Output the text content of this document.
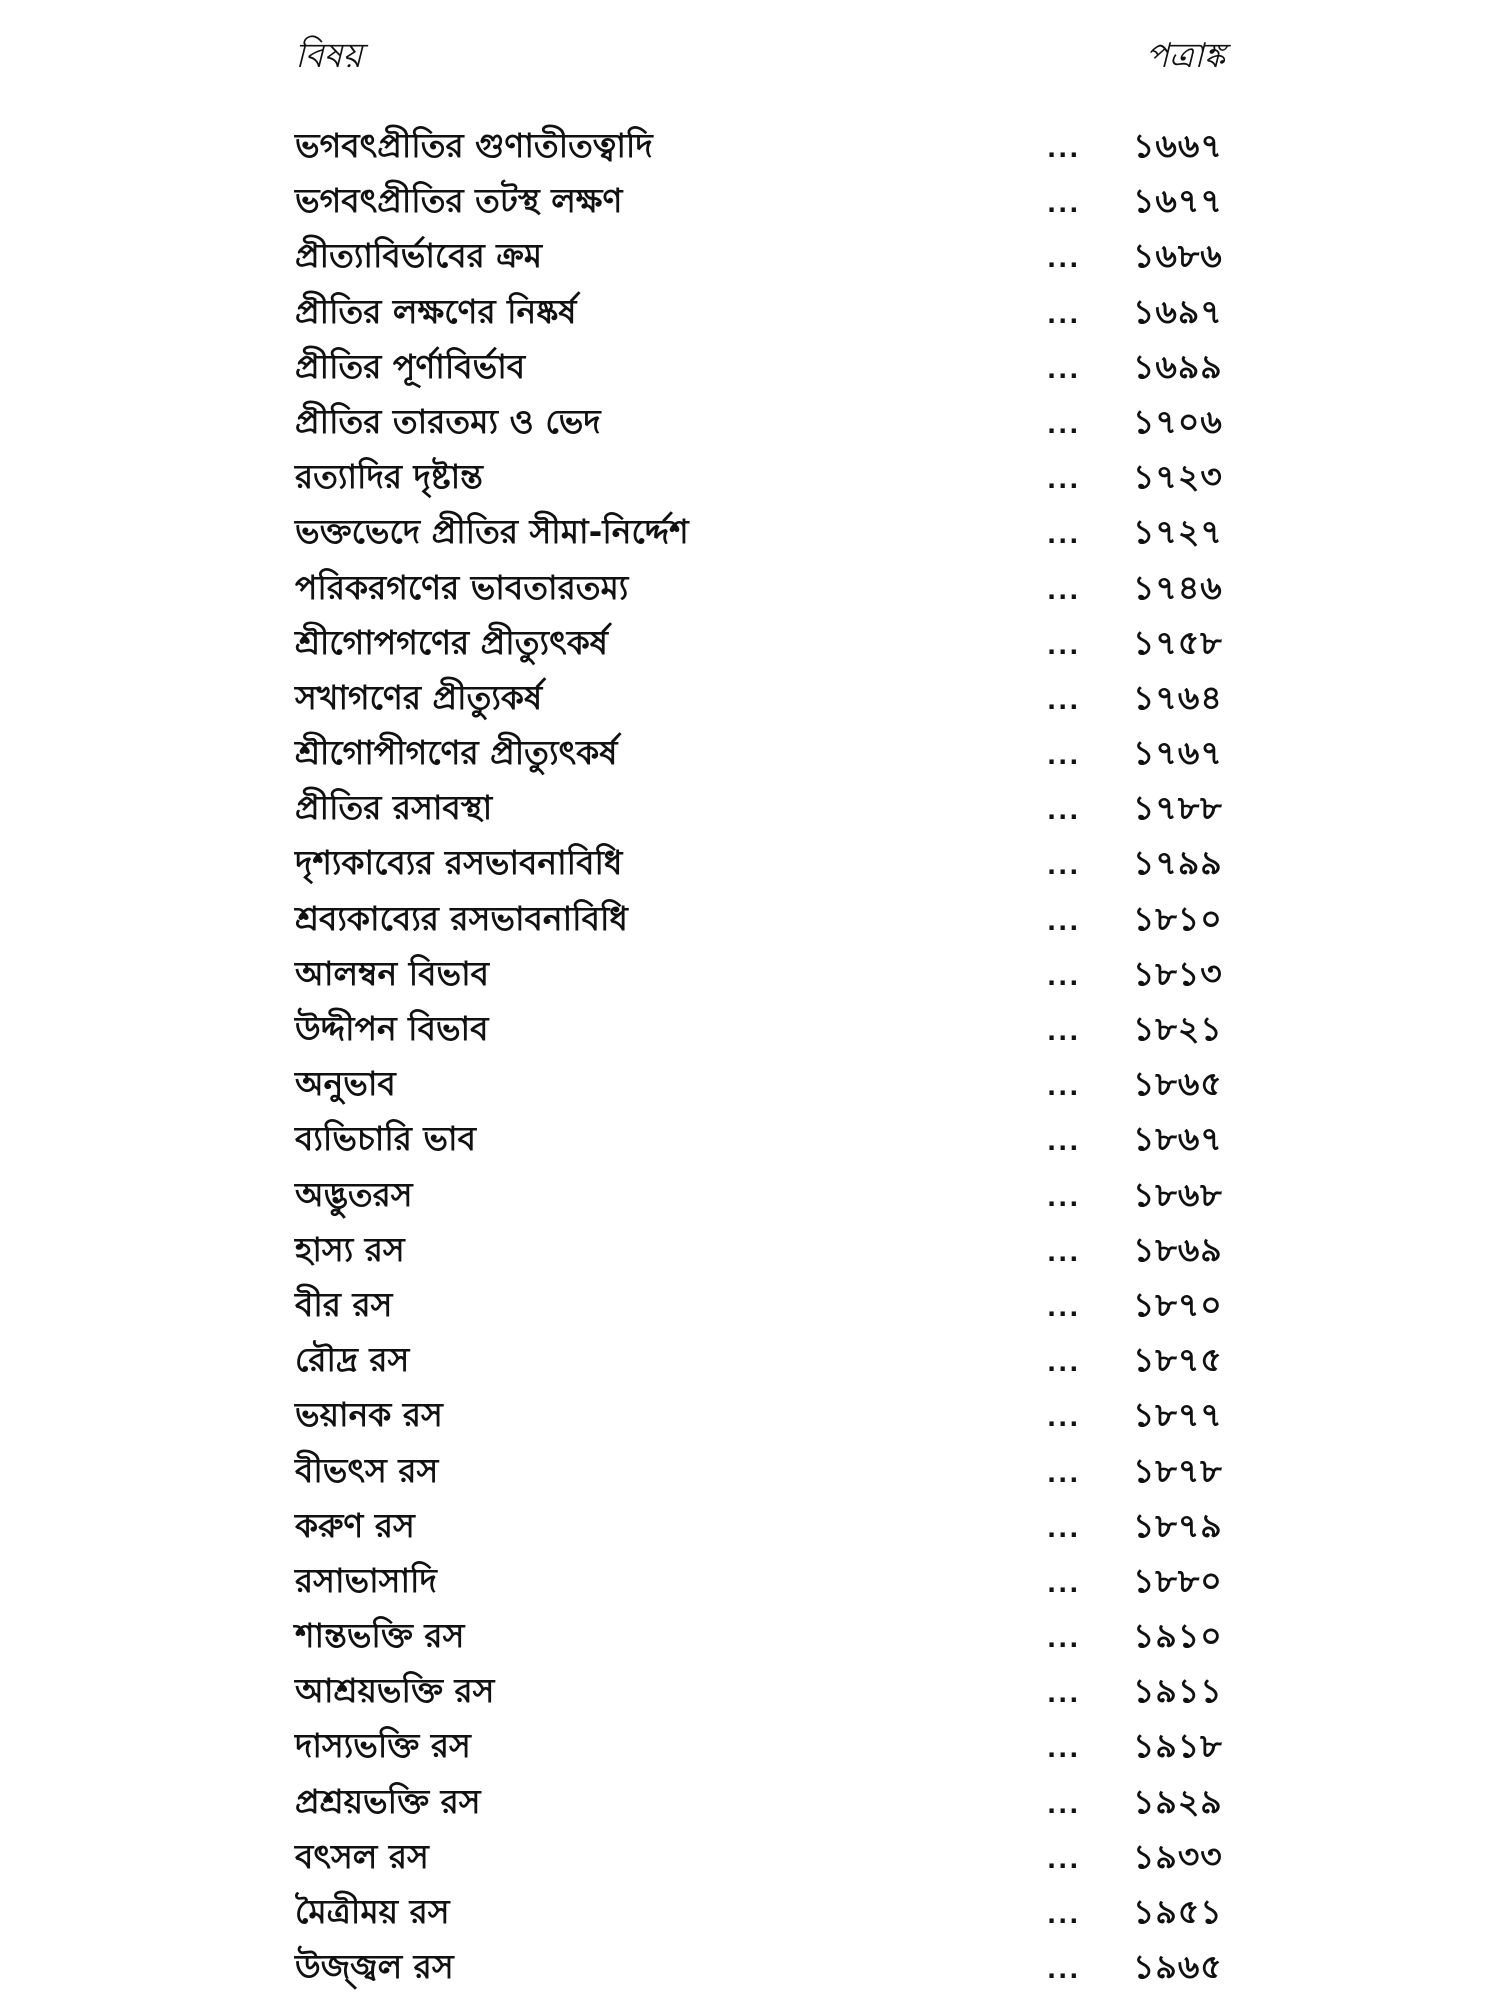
বিষয়	পত্রাঙ্ক
ভগবৎপ্রীতির গুণাতীতত্বাদি	... ১৬৬৭
ভগবৎপ্রীতির তটস্থ লক্ষণ	... ১৬৭৭
প্রীত্যাবির্ভাবের ক্রম	... ১৬৮৬
প্রীতির লক্ষণের নিষ্কর্ষ	... ১৬৯৭
প্রীতির পূর্ণাবির্ভাব	... ১৬৯৯
প্রীতির তারতম্য ও ভেদ	... ১৭০৬
রত্যাদির দৃষ্টান্ত	... ১৭২৩
ভক্তভেদে প্রীতির সীমা-নির্দ্দেশ	... ১৭২৭
পরিকরগণের ভাবতারতম্য	... ১৭৪৬
শ্রীগোপগণের প্রীত্যুৎকর্ষ	... ১৭৫৮
সখাগণের প্রীত্যুকর্ষ	... ১৭৬৪
শ্রীগোপীগণের প্রীত্যুৎকর্ষ	... ১৭৬৭
প্রীতির রসাবস্থা	... ১৭৮৮
দৃশ্যকাব্যের রসভাবনাবিধি	... ১৭৯৯
শ্রব্যকাব্যের রসভাবনাবিধি	... ১৮১০
আলম্বন বিভাব	... ১৮১৩
উদ্দীপন বিভাব	... ১৮২১
অনুভাব	... ১৮৬৫
ব্যভিচারি ভাব	... ১৮৬৭
অদ্ভুতরস	... ১৮৬৮
হাস্য রস	... ১৮৬৯
বীর রস	... ১৮৭০
রৌদ্র রস	... ১৮৭৫
ভয়ানক রস	... ১৮৭৭
বীভৎস রস	... ১৮৭৮
করুণ রস	... ১৮৭৯
রসাভাসাদি	... ১৮৮০
শান্তভক্তি রস	... ১৯১০
আশ্রয়ভক্তি রস	... ১৯১১
দাস্যভক্তি রস	... ১৯১৮
প্রশ্রয়ভক্তি রস	... ১৯২৯
বৎসল রস	... ১৯৩৩
মৈত্রীময় রস	... ১৯৫১
উজ্জ্বল রস	... ১৯৬৫
